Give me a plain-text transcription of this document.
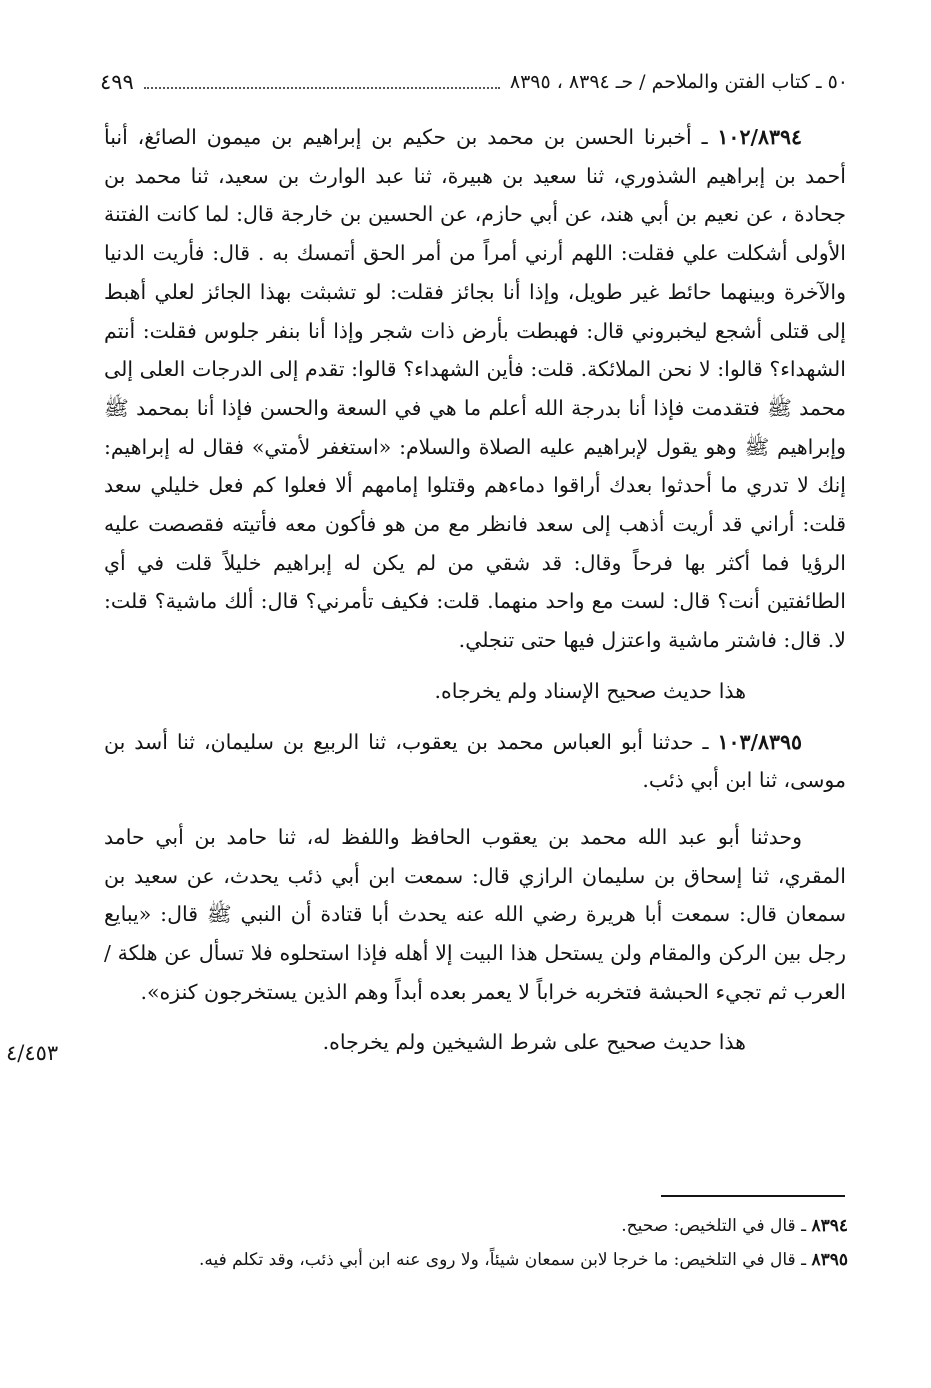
٥٠ ـ كتاب الفتن والملاحم / حـ ٨٣٩٤ ، ٨٣٩٥
٤٩٩

١٠٢/٨٣٩٤ ـ أخبرنا الحسن بن محمد بن حكيم بن إبراهيم بن ميمون الصائغ، أنبأ أحمد بن إبراهيم الشذوري، ثنا سعيد بن هبيرة، ثنا عبد الوارث بن سعيد، ثنا محمد بن جحادة ، عن نعيم بن أبي هند، عن أبي حازم، عن الحسين بن خارجة قال: لما كانت الفتنة الأولى أشكلت علي فقلت: اللهم أرني أمراً من أمر الحق أتمسك به . قال: فأريت الدنيا والآخرة وبينهما حائط غير طويل، وإذا أنا بجائز فقلت: لو تشبثت بهذا الجائز لعلي أهبط إلى قتلى أشجع ليخبروني قال: فهبطت بأرض ذات شجر وإذا أنا بنفر جلوس فقلت: أنتم الشهداء؟ قالوا: لا نحن الملائكة. قلت: فأين الشهداء؟ قالوا: تقدم إلى الدرجات العلى إلى محمد ﷺ فتقدمت فإذا أنا بدرجة الله أعلم ما هي في السعة والحسن فإذا أنا بمحمد ﷺ وإبراهيم ﷺ وهو يقول لإبراهيم عليه الصلاة والسلام: «استغفر لأمتي» فقال له إبراهيم: إنك لا تدري ما أحدثوا بعدك أراقوا دماءهم وقتلوا إمامهم ألا فعلوا كم فعل خليلي سعد قلت: أراني قد أريت أذهب إلى سعد فانظر مع من هو فأكون معه فأتيته فقصصت عليه الرؤيا فما أكثر بها فرحاً وقال: قد شقي من لم يكن له إبراهيم خليلاً قلت في أي الطائفتين أنت؟ قال: لست مع واحد منهما. قلت: فكيف تأمرني؟ قال: ألك ماشية؟ قلت: لا. قال: فاشتر ماشية واعتزل فيها حتى تنجلي.

هذا حديث صحيح الإسناد ولم يخرجاه.

١٠٣/٨٣٩٥ ـ حدثنا أبو العباس محمد بن يعقوب، ثنا الربيع بن سليمان، ثنا أسد بن موسى، ثنا ابن أبي ذئب.

وحدثنا أبو عبد الله محمد بن يعقوب الحافظ واللفظ له، ثنا حامد بن أبي حامد المقري، ثنا إسحاق بن سليمان الرازي قال: سمعت ابن أبي ذئب يحدث، عن سعيد بن سمعان قال: سمعت أبا هريرة رضي الله عنه يحدث أبا قتادة أن النبي ﷺ قال: «يبايع رجل بين الركن والمقام ولن يستحل هذا البيت إلا أهله فإذا استحلوه فلا تسأل عن هلكة / العرب ثم تجيء الحبشة فتخربه خراباً لا يعمر بعده أبداً وهم الذين يستخرجون كنزه».

هذا حديث صحيح على شرط الشيخين ولم يخرجاه.

٤/٤٥٣

٨٣٩٤ ـ قال في التلخيص: صحيح.

٨٣٩٥ ـ قال في التلخيص: ما خرجا لابن سمعان شيئاً، ولا روى عنه ابن أبي ذئب، وقد تكلم فيه.
